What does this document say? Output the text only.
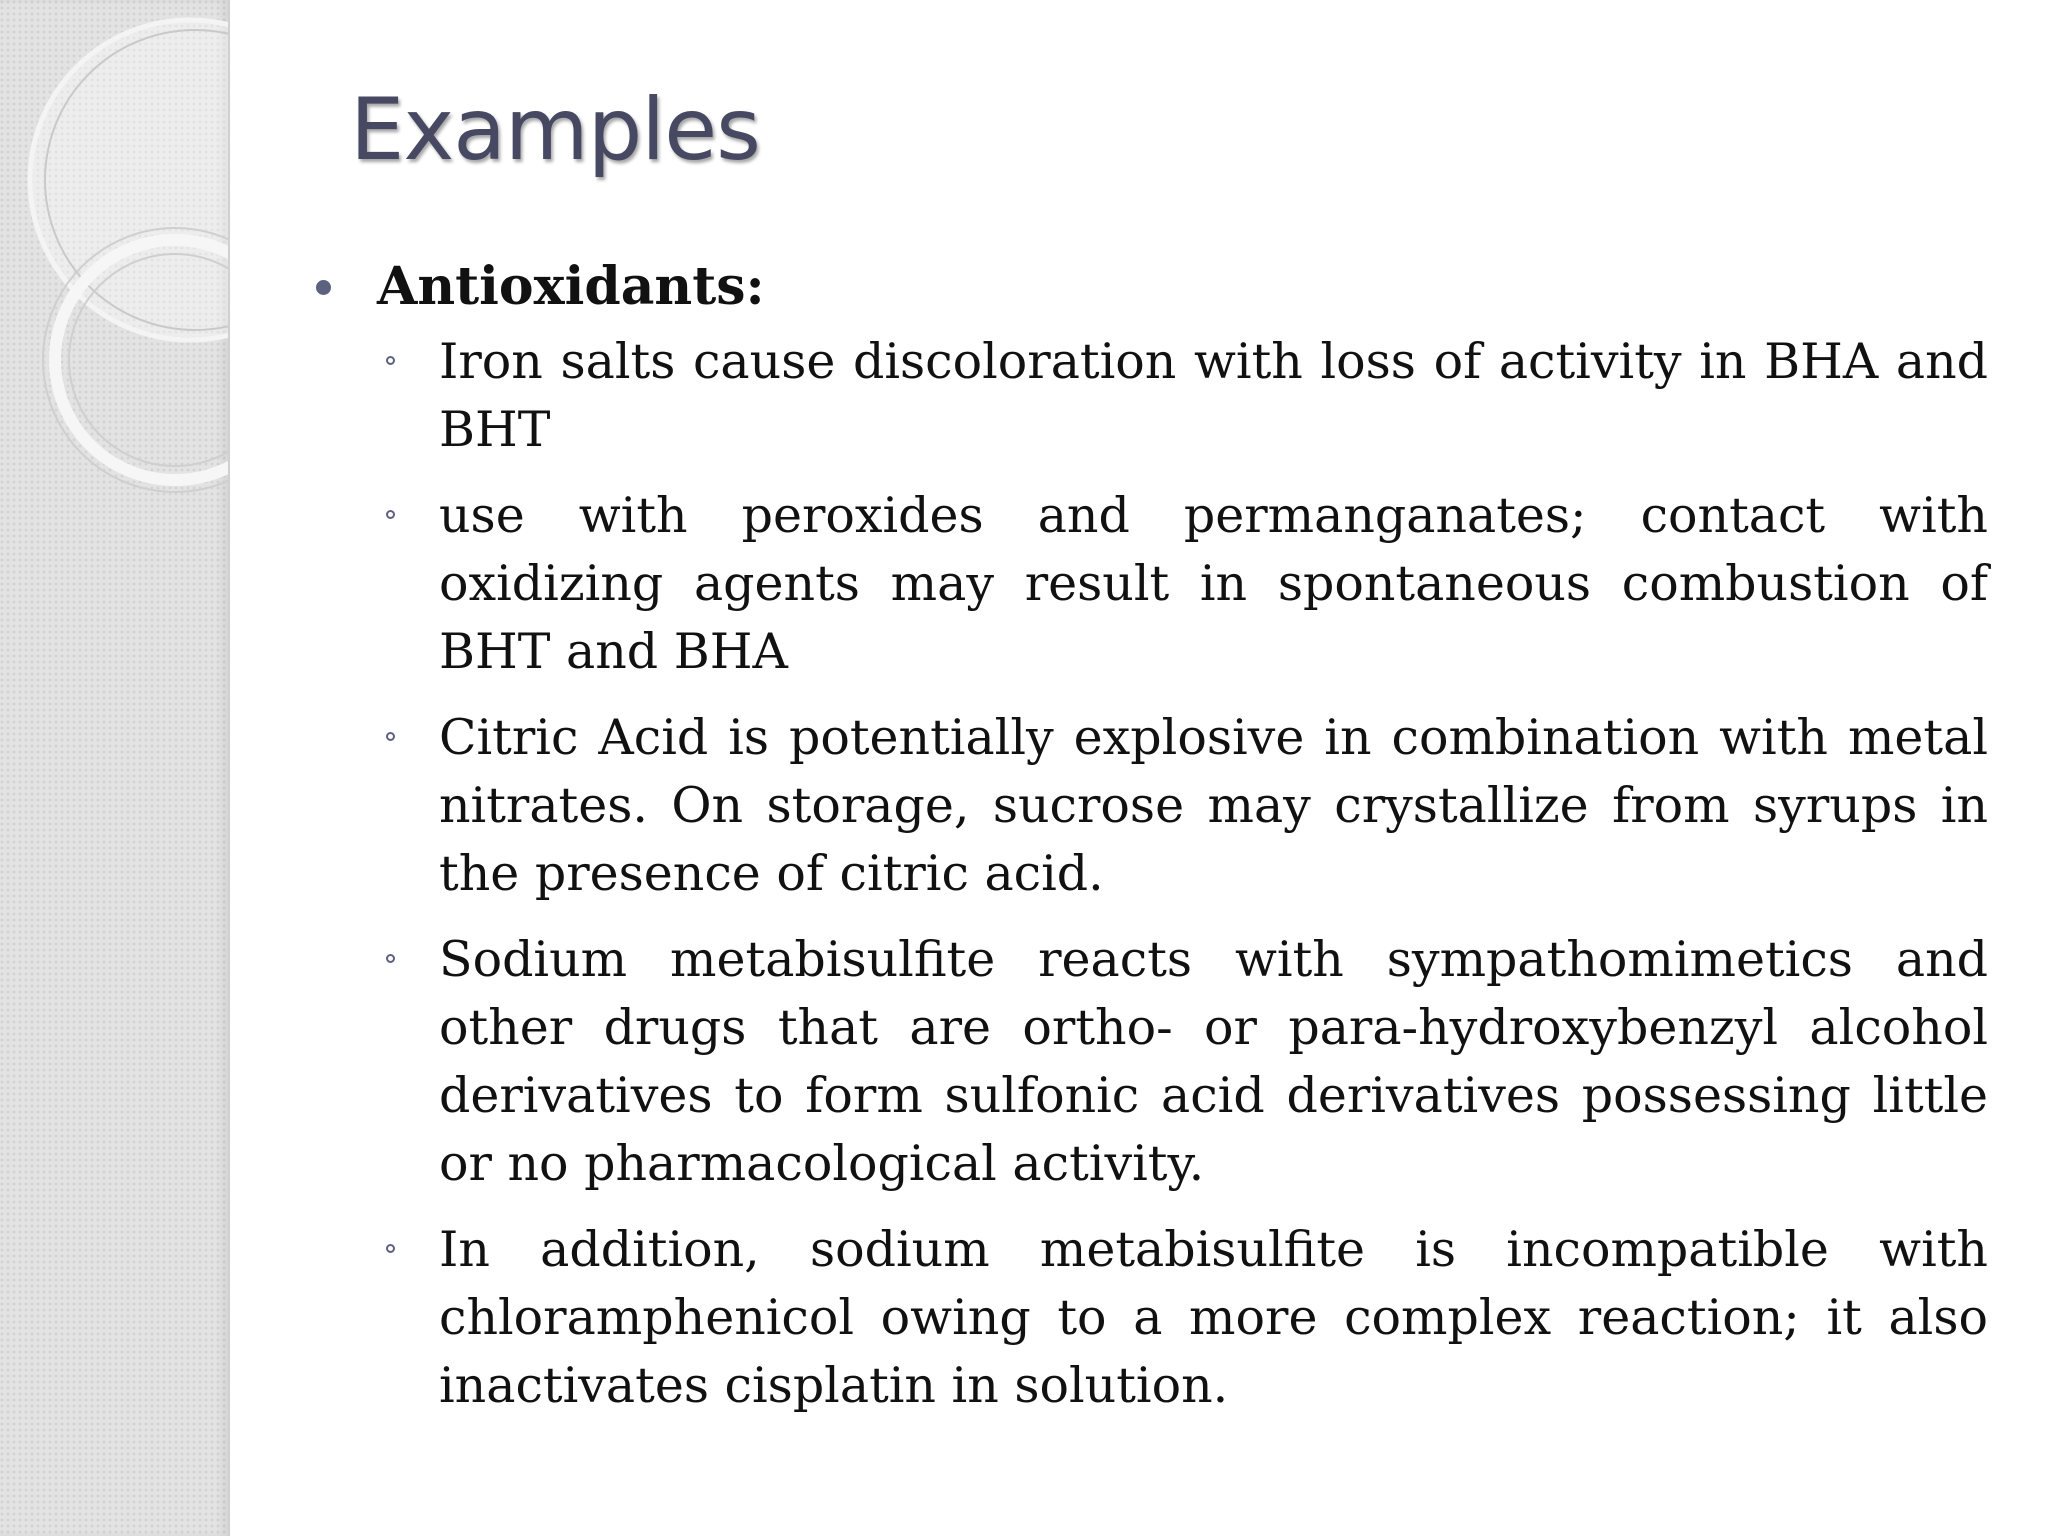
Examples
Antioxidants:
Iron salts cause discoloration with loss of activity in BHA and BHT
use with peroxides and permanganates; contact with oxidizing agents may result in spontaneous combustion of BHT and BHA
Citric Acid is potentially explosive in combination with metal nitrates. On storage, sucrose may crystallize from syrups in the presence of citric acid.
Sodium metabisulfite reacts with sympathomimetics and other drugs that are ortho- or para-hydroxybenzyl alcohol derivatives to form sulfonic acid derivatives possessing little or no pharmacological activity.
In addition, sodium metabisulfite is incompatible with chloramphenicol owing to a more complex reaction; it also inactivates cisplatin in solution.
